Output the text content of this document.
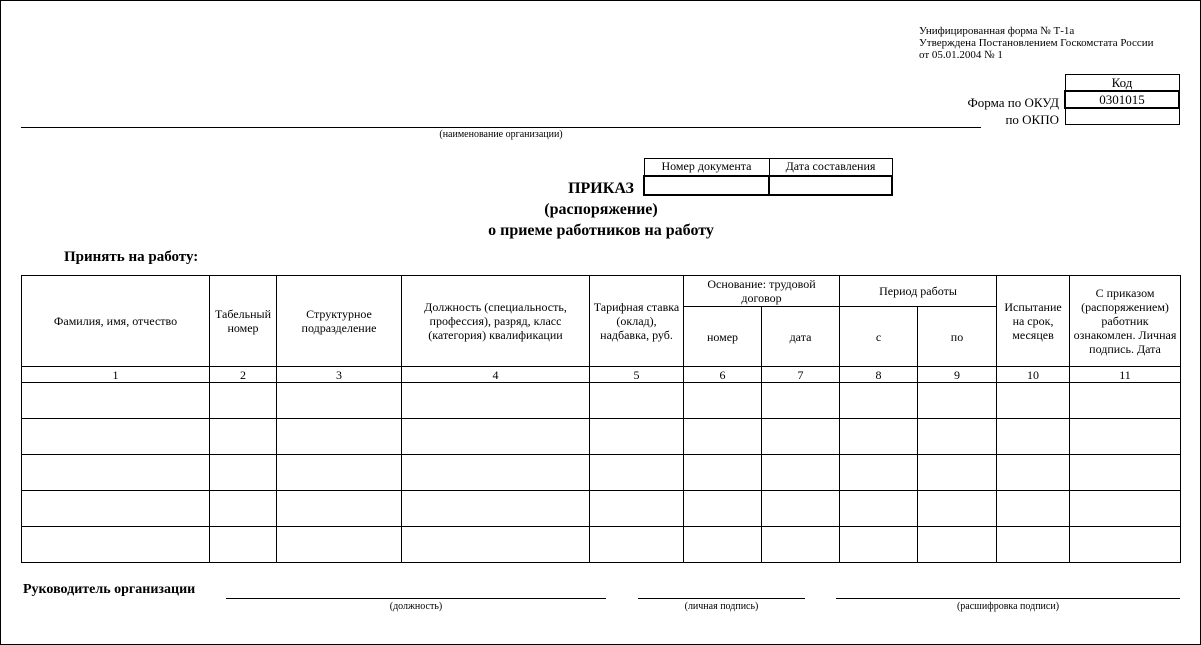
Унифицированная форма № Т-1а
Утверждена Постановлением Госкомстата России
от 05.01.2004 № 1
Форма по ОКУД
по ОКПО
Код
0301015

(наименование организации)
Номер документа	Дата составления

ПРИКАЗ
(распоряжение)
о приеме работников на работу
Принять на работу:
Фамилия, имя, отчество	Табельный номер	Структурное подразделение	Должность (специальность, профессия), разряд, класс (категория) квалификации	Тарифная ставка (оклад), надбавка, руб.	Основание: трудовой договор		Период работы		Испытание на срок, месяцев	С приказом (распоряжением) работник ознакомлен. Личная подпись. Дата
					номер	дата	с	по		
1	2	3	4	5	6	7	8	9	10	11

Руководитель организации
(должность)	(личная подпись)	(расшифровка подписи)
